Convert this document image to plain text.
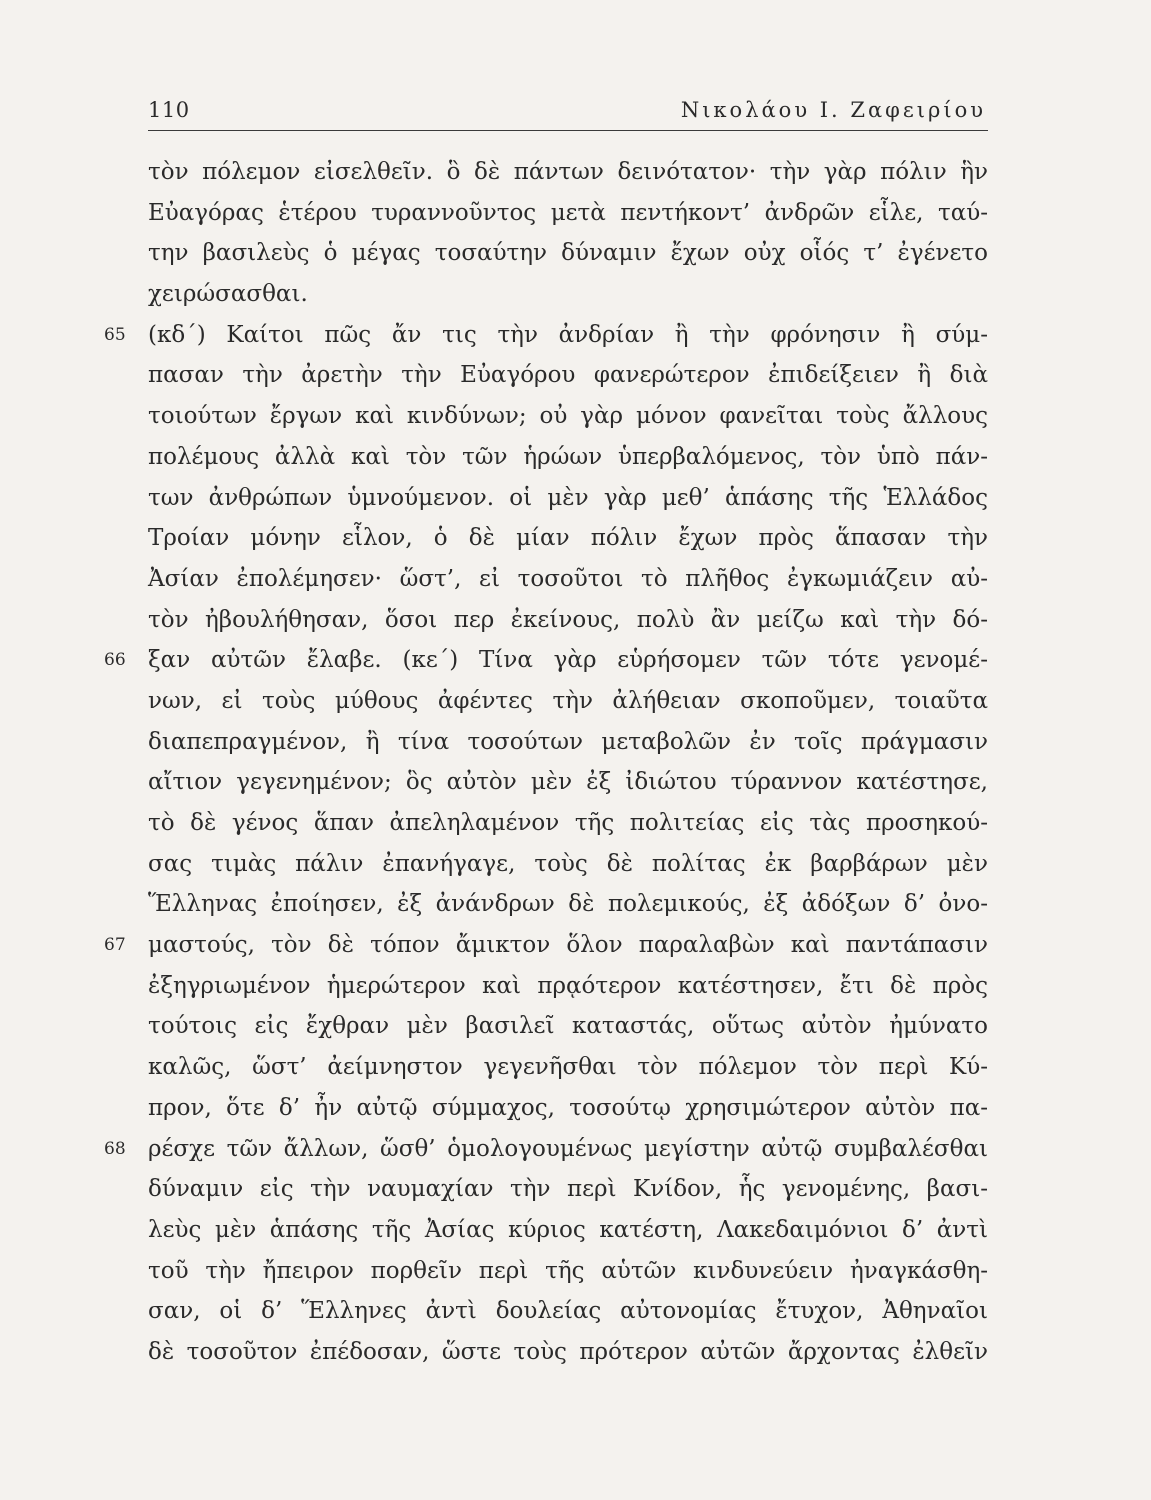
110	Νικολάου Ι. Ζαφειρίου
τὸν πόλεμον εἰσελθεῖν. ὃ δὲ πάντων δεινότατον· τὴν γὰρ πόλιν ἣν
Εὐαγόρας ἑτέρου τυραννοῦντος μετὰ πεντήκοντ’ ἀνδρῶν εἷλε, ταύ-
την βασιλεὺς ὁ μέγας τοσαύτην δύναμιν ἔχων οὐχ οἷός τ’ ἐγένετο
χειρώσασθαι.
65 (κδ΄) Καίτοι πῶς ἄν τις τὴν ἀνδρίαν ἢ τὴν φρόνησιν ἢ σύμ-
πασαν τὴν ἀρετὴν τὴν Εὐαγόρου φανερώτερον ἐπιδείξειεν ἢ διὰ
τοιούτων ἔργων καὶ κινδύνων; οὐ γὰρ μόνον φανεῖται τοὺς ἄλλους
πολέμους ἀλλὰ καὶ τὸν τῶν ἡρώων ὑπερβαλόμενος, τὸν ὑπὸ πάν-
των ἀνθρώπων ὑμνούμενον. οἱ μὲν γὰρ μεθ’ ἁπάσης τῆς Ἑλλάδος
Τροίαν μόνην εἷλον, ὁ δὲ μίαν πόλιν ἔχων πρὸς ἅπασαν τὴν
Ἀσίαν ἐπολέμησεν· ὥστ’, εἰ τοσοῦτοι τὸ πλῆθος ἐγκωμιάζειν αὐ-
τὸν ἠβουλήθησαν, ὅσοι περ ἐκείνους, πολὺ ἂν μείζω καὶ τὴν δό-
66 ξαν αὐτῶν ἔλαβε. (κε΄) Τίνα γὰρ εὑρήσομεν τῶν τότε γενομέ-
νων, εἰ τοὺς μύθους ἀφέντες τὴν ἀλήθειαν σκοποῦμεν, τοιαῦτα
διαπεπραγμένον, ἢ τίνα τοσούτων μεταβολῶν ἐν τοῖς πράγμασιν
αἴτιον γεγενημένον; ὃς αὐτὸν μὲν ἐξ ἰδιώτου τύραννον κατέστησε,
τὸ δὲ γένος ἅπαν ἀπεληλαμένον τῆς πολιτείας εἰς τὰς προσηκού-
σας τιμὰς πάλιν ἐπανήγαγε, τοὺς δὲ πολίτας ἐκ βαρβάρων μὲν
Ἕλληνας ἐποίησεν, ἐξ ἀνάνδρων δὲ πολεμικούς, ἐξ ἀδόξων δ’ ὀνο-
67 μαστούς, τὸν δὲ τόπον ἄμικτον ὅλον παραλαβὼν καὶ παντάπασιν
ἐξηγριωμένον ἡμερώτερον καὶ πρᾳότερον κατέστησεν, ἔτι δὲ πρὸς
τούτοις εἰς ἔχθραν μὲν βασιλεῖ καταστάς, οὕτως αὐτὸν ἠμύνατο
καλῶς, ὥστ’ ἀείμνηστον γεγενῆσθαι τὸν πόλεμον τὸν περὶ Κύ-
προν, ὅτε δ’ ἦν αὐτῷ σύμμαχος, τοσούτῳ χρησιμώτερον αὐτὸν πα-
68 ρέσχε τῶν ἄλλων, ὥσθ’ ὁμολογουμένως μεγίστην αὐτῷ συμβαλέσθαι
δύναμιν εἰς τὴν ναυμαχίαν τὴν περὶ Κνίδον, ἧς γενομένης, βασι-
λεὺς μὲν ἁπάσης τῆς Ἀσίας κύριος κατέστη, Λακεδαιμόνιοι δ’ ἀντὶ
τοῦ τὴν ἤπειρον πορθεῖν περὶ τῆς αὑτῶν κινδυνεύειν ἠναγκάσθη-
σαν, οἱ δ’ Ἕλληνες ἀντὶ δουλείας αὐτονομίας ἔτυχον, Ἀθηναῖοι
δὲ τοσοῦτον ἐπέδοσαν, ὥστε τοὺς πρότερον αὐτῶν ἄρχοντας ἐλθεῖν
